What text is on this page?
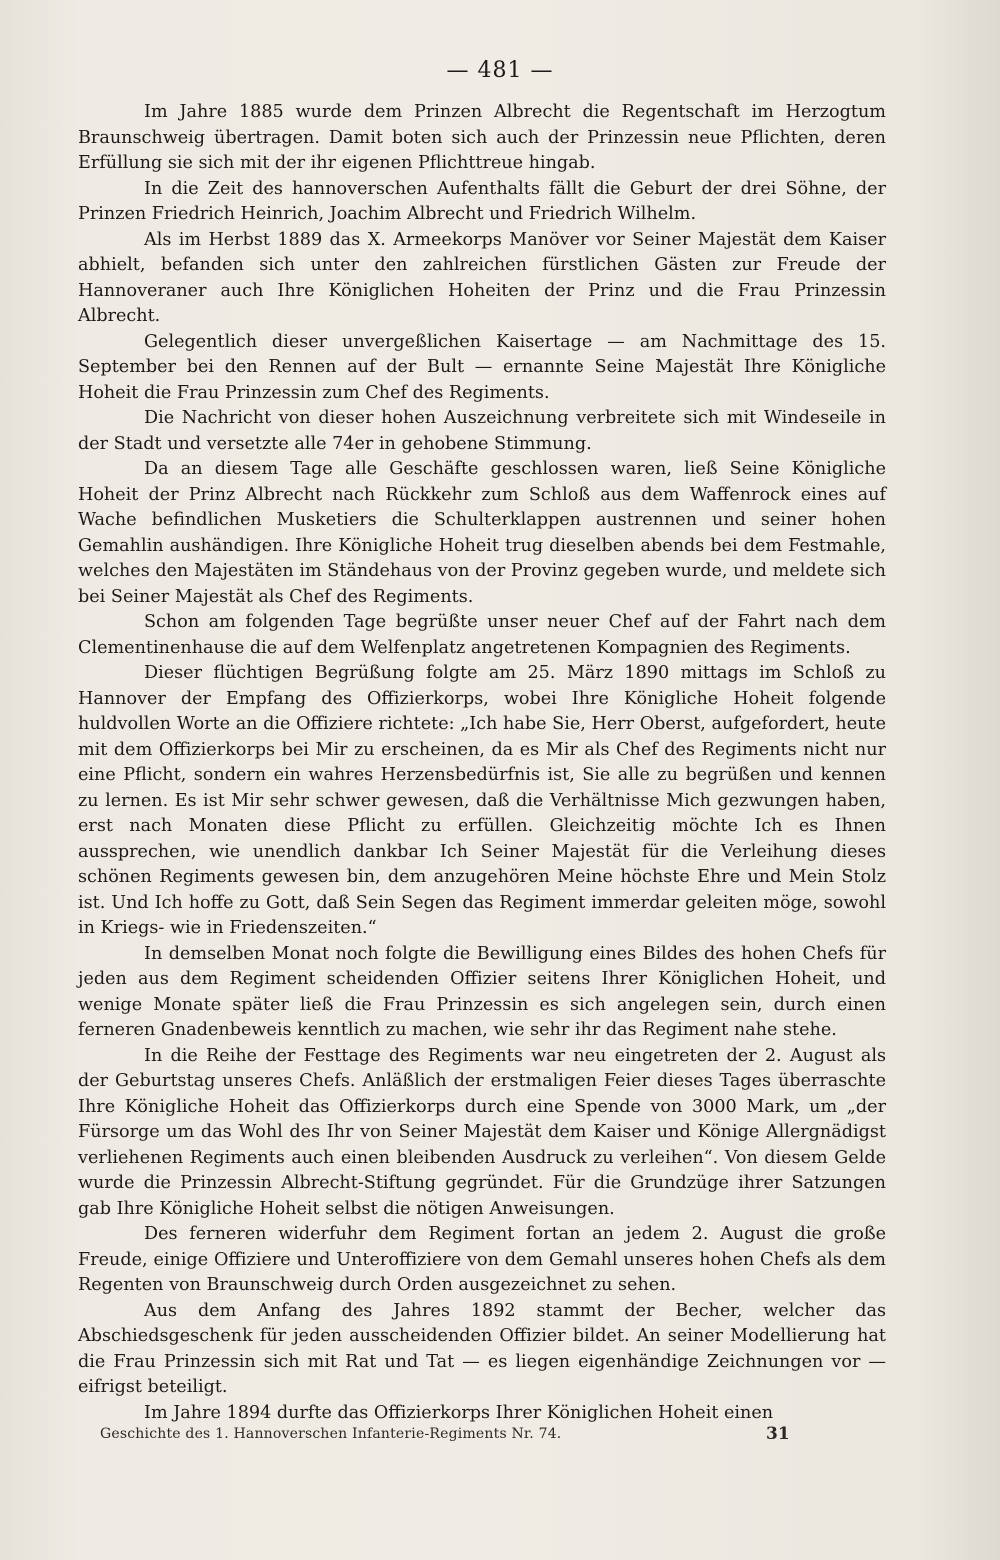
— 481 —

Im Jahre 1885 wurde dem Prinzen Albrecht die Regentschaft im Herzogtum Braunschweig übertragen. Damit boten sich auch der Prinzessin neue Pflichten, deren Erfüllung sie sich mit der ihr eigenen Pflichttreue hingab.

In die Zeit des hannoverschen Aufenthalts fällt die Geburt der drei Söhne, der Prinzen Friedrich Heinrich, Joachim Albrecht und Friedrich Wilhelm.

Als im Herbst 1889 das X. Armeekorps Manöver vor Seiner Majestät dem Kaiser abhielt, befanden sich unter den zahlreichen fürstlichen Gästen zur Freude der Hannoveraner auch Ihre Königlichen Hoheiten der Prinz und die Frau Prinzessin Albrecht.

Gelegentlich dieser unvergeßlichen Kaisertage — am Nachmittage des 15. September bei den Rennen auf der Bult — ernannte Seine Majestät Ihre Königliche Hoheit die Frau Prinzessin zum Chef des Regiments.

Die Nachricht von dieser hohen Auszeichnung verbreitete sich mit Windeseile in der Stadt und versetzte alle 74er in gehobene Stimmung.

Da an diesem Tage alle Geschäfte geschlossen waren, ließ Seine Königliche Hoheit der Prinz Albrecht nach Rückkehr zum Schloß aus dem Waffenrock eines auf Wache befindlichen Musketiers die Schulterklappen austrennen und seiner hohen Gemahlin aushändigen. Ihre Königliche Hoheit trug dieselben abends bei dem Festmahle, welches den Majestäten im Ständehaus von der Provinz gegeben wurde, und meldete sich bei Seiner Majestät als Chef des Regiments.

Schon am folgenden Tage begrüßte unser neuer Chef auf der Fahrt nach dem Clementinenhause die auf dem Welfenplatz angetretenen Kompagnien des Regiments.

Dieser flüchtigen Begrüßung folgte am 25. März 1890 mittags im Schloß zu Hannover der Empfang des Offizierkorps, wobei Ihre Königliche Hoheit folgende huldvollen Worte an die Offiziere richtete: „Ich habe Sie, Herr Oberst, aufgefordert, heute mit dem Offizierkorps bei Mir zu erscheinen, da es Mir als Chef des Regiments nicht nur eine Pflicht, sondern ein wahres Herzensbedürfnis ist, Sie alle zu begrüßen und kennen zu lernen. Es ist Mir sehr schwer gewesen, daß die Verhältnisse Mich gezwungen haben, erst nach Monaten diese Pflicht zu erfüllen. Gleichzeitig möchte Ich es Ihnen aussprechen, wie unendlich dankbar Ich Seiner Majestät für die Verleihung dieses schönen Regiments gewesen bin, dem anzugehören Meine höchste Ehre und Mein Stolz ist. Und Ich hoffe zu Gott, daß Sein Segen das Regiment immerdar geleiten möge, sowohl in Kriegs- wie in Friedenszeiten.“

In demselben Monat noch folgte die Bewilligung eines Bildes des hohen Chefs für jeden aus dem Regiment scheidenden Offizier seitens Ihrer Königlichen Hoheit, und wenige Monate später ließ die Frau Prinzessin es sich angelegen sein, durch einen ferneren Gnadenbeweis kenntlich zu machen, wie sehr ihr das Regiment nahe stehe.

In die Reihe der Festtage des Regiments war neu eingetreten der 2. August als der Geburtstag unseres Chefs. Anläßlich der erstmaligen Feier dieses Tages überraschte Ihre Königliche Hoheit das Offizierkorps durch eine Spende von 3000 Mark, um „der Fürsorge um das Wohl des Ihr von Seiner Majestät dem Kaiser und Könige Allergnädigst verliehenen Regiments auch einen bleibenden Ausdruck zu verleihen“. Von diesem Gelde wurde die Prinzessin Albrecht-Stiftung gegründet. Für die Grundzüge ihrer Satzungen gab Ihre Königliche Hoheit selbst die nötigen Anweisungen.

Des ferneren widerfuhr dem Regiment fortan an jedem 2. August die große Freude, einige Offiziere und Unteroffiziere von dem Gemahl unseres hohen Chefs als dem Regenten von Braunschweig durch Orden ausgezeichnet zu sehen.

Aus dem Anfang des Jahres 1892 stammt der Becher, welcher das Abschiedsgeschenk für jeden ausscheidenden Offizier bildet. An seiner Modellierung hat die Frau Prinzessin sich mit Rat und Tat — es liegen eigenhändige Zeichnungen vor — eifrigst beteiligt.

Im Jahre 1894 durfte das Offizierkorps Ihrer Königlichen Hoheit einen

Geschichte des 1. Hannoverschen Infanterie-Regiments Nr. 74.	31
